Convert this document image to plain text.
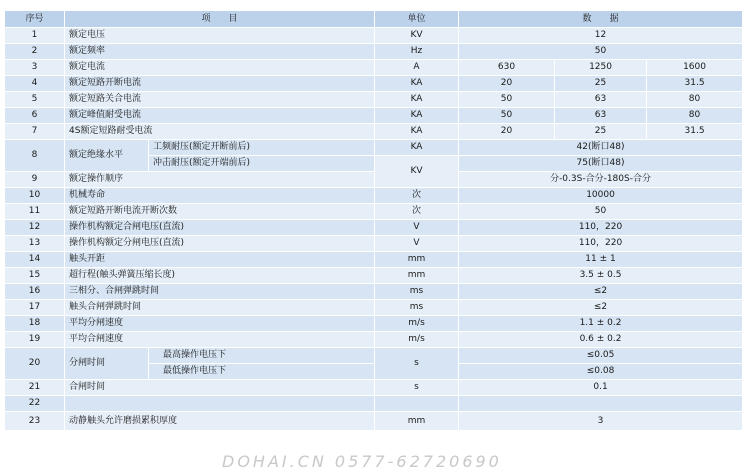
序号	项　　目		单位	数　　据		
1	额定电压		KV	12		
2	额定频率		Hz	50		
3	额定电流		A	630	1250	1600
4	额定短路开断电流		KA	20	25	31.5
5	额定短路关合电流		KA	50	63	80
6	额定峰值耐受电流		KA	50	63	80
7	4S额定短路耐受电流		KA	20	25	31.5
8	额定绝缘水平	工频耐压(额定开断前后)	KA	42(断口48)		
		冲击耐压(额定开端前后)	KV	75(断口48)		
9	额定操作顺序			分-0.3S-合分-180S-合分		
10	机械寿命		次	10000		
11	额定短路开断电流开断次数		次	50		
12	操作机构额定合闸电压(直流)		V	110，220		
13	操作机构额定分闸电压(直流)		V	110，220		
14	触头开距		mm	11 ± 1		
15	超行程(触头弹簧压缩长度)		mm	3.5 ± 0.5		
16	三相分、合闸弹跳时间		ms	≤2		
17	触头合闸弹跳时间		ms	≤2		
18	平均分闸速度		m/s	1.1 ± 0.2		
19	平均合闸速度		m/s	0.6 ± 0.2		
20	分闸时间	最高操作电压下	s	≤0.05		
		最低操作电压下		≤0.08		
21	合闸时间		s	0.1		
22						
23	动静触头允许磨损累积厚度		mm	3		
DOHAI.CN 0577-62720690
